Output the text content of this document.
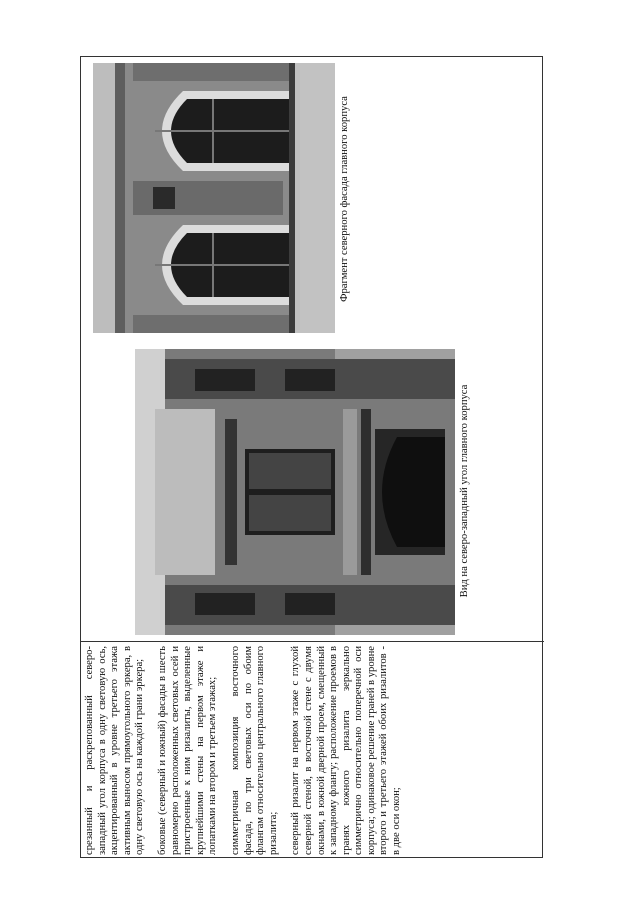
срезанный и раскрепованный северо-западный угол корпуса в одну световую ось, акцентированный в уровне третьего этажа активным выносом прямоугольного эркера, в одну световую ось на каждой грани эркера; боковые (северный и южный) фасады в шесть равномерно расположенных световых осей и пристроенные к ним ризалиты, выделенные крупнейшими стены на первом этаже и лопатками на втором и третьем этажах; симметричная композиция восточного фасада, по три световых оси по обоим флангам относительно центрального главного ризалита; северный ризалит на первом этаже с глухой северной стеной, в восточной стене с двумя окнами, в южной дверной проем, смещенный к западному флангу; расположение проемов в гранях южного ризалита зеркально симметрично относительно поперечной оси корпуса; одинаковое решение граней в уровне второго и третьего этажей обоих ризалитов - в две оси окон;

Вид на северо-западный угол главного корпуса
Фрагмент северного фасада главного корпуса
